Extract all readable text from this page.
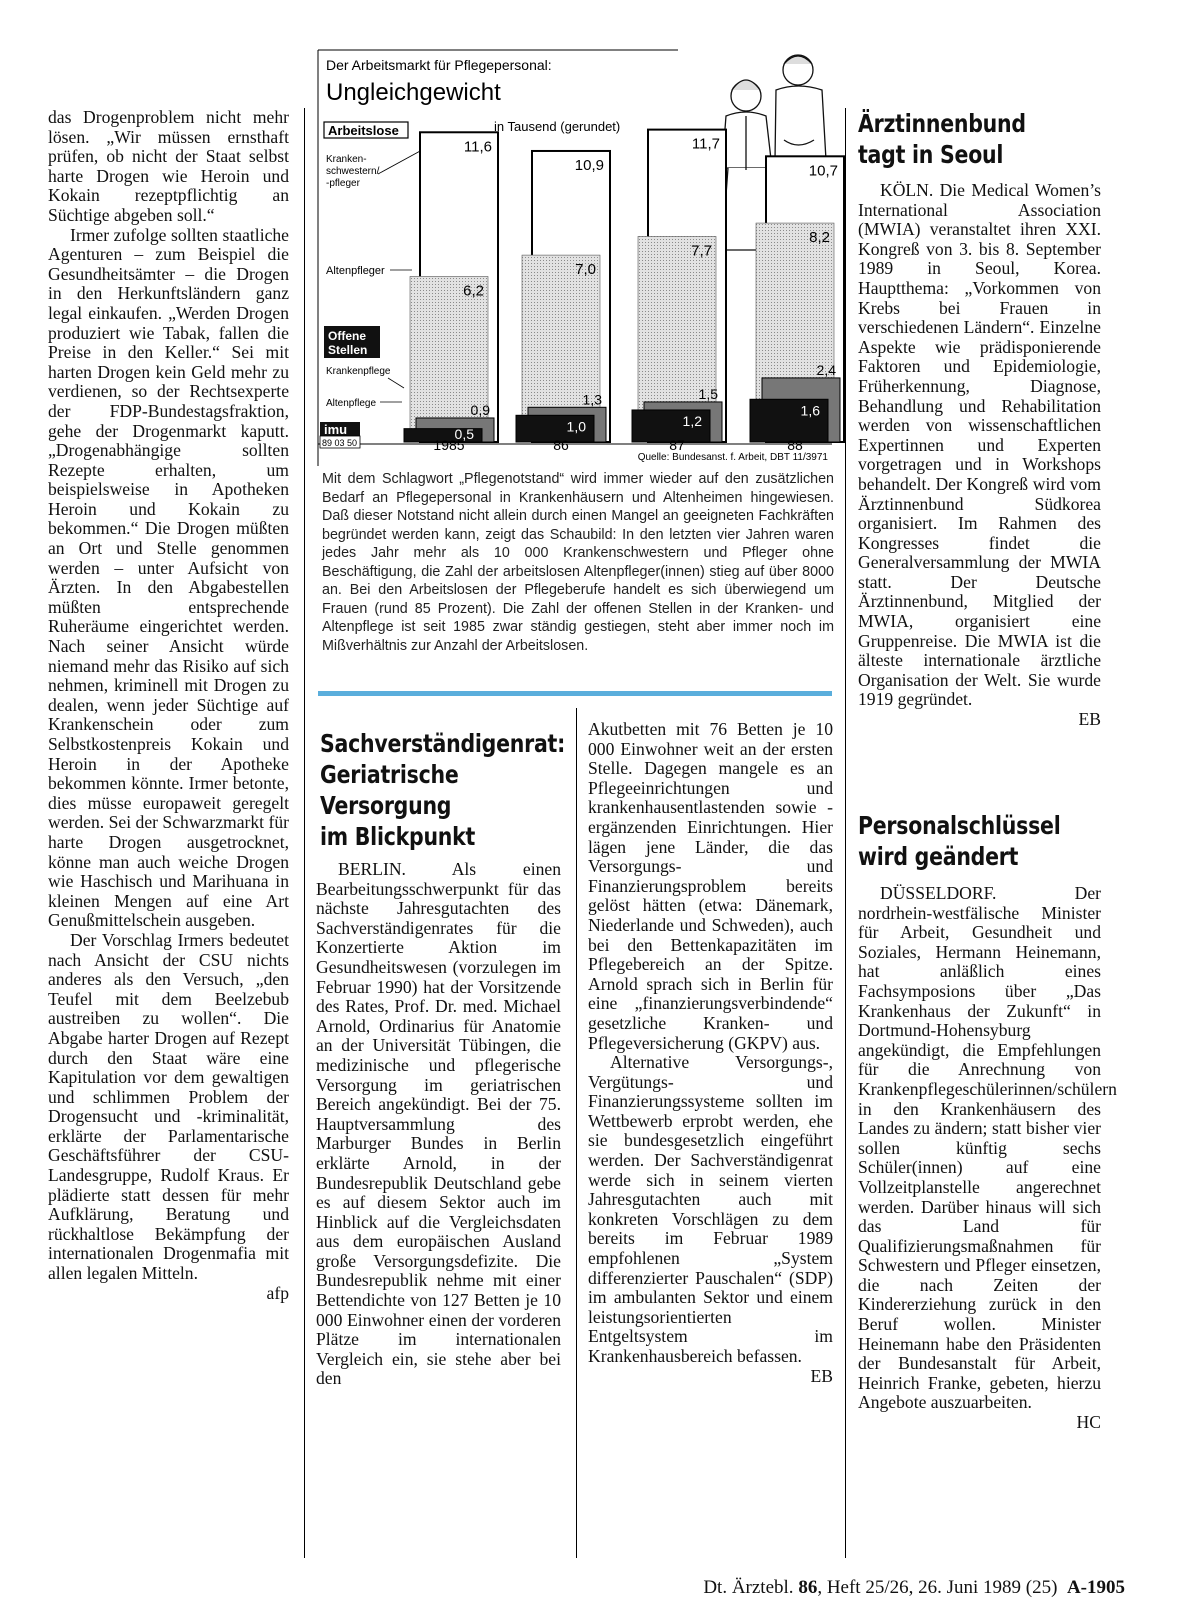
das Drogenproblem nicht mehr lösen. „Wir müssen ernsthaft prüfen, ob nicht der Staat selbst harte Drogen wie Heroin und Kokain rezeptpflichtig an Süchtige abgeben soll.“

Irmer zufolge sollten staatliche Agenturen – zum Beispiel die Gesundheitsämter – die Drogen in den Herkunftsländern ganz legal einkaufen. „Werden Drogen produziert wie Tabak, fallen die Preise in den Keller.“ Sei mit harten Drogen kein Geld mehr zu verdienen, so der Rechtsexperte der FDP-Bundestagsfraktion, gehe der Drogenmarkt kaputt. „Drogenabhängige sollten Rezepte erhalten, um beispielsweise in Apotheken Heroin und Kokain zu bekommen.“ Die Drogen müßten an Ort und Stelle genommen werden – unter Aufsicht von Ärzten. In den Abgabestellen müßten entsprechende Ruheräume eingerichtet werden. Nach seiner Ansicht würde niemand mehr das Risiko auf sich nehmen, kriminell mit Drogen zu dealen, wenn jeder Süchtige auf Krankenschein oder zum Selbstkostenpreis Kokain und Heroin in der Apotheke bekommen könnte. Irmer betonte, dies müsse europaweit geregelt werden. Sei der Schwarzmarkt für harte Drogen ausgetrocknet, könne man auch weiche Drogen wie Haschisch und Marihuana in kleinen Mengen auf eine Art Genußmittelschein ausgeben.

Der Vorschlag Irmers bedeutet nach Ansicht der CSU nichts anderes als den Versuch, „den Teufel mit dem Beelzebub austreiben zu wollen“. Die Abgabe harter Drogen auf Rezept durch den Staat wäre eine Kapitulation vor dem gewaltigen und schlimmen Problem der Drogensucht und -kriminalität, erklärte der Parlamentarische Geschäftsführer der CSU-Landesgruppe, Rudolf Kraus. Er plädierte statt dessen für mehr Aufklärung, Beratung und rückhaltlose Bekämpfung der internationalen Drogenmafia mit allen legalen Mitteln.

afp
Der Arbeitsmarkt für Pflegepersonal:
Ungleichgewicht
in Tausend (gerundet)
11,6
6,2
0,9
0,5
1985
10,9
7,0
1,3
1,0
86
11,7
7,7
1,5
1,2
87
10,7
8,2
2,4
1,6
88
Arbeitslose
Kranken-
schwestern/
-pfleger
Altenpfleger
Offene
Stellen
Krankenpflege
Altenpflege
imu
89 03 50
Quelle: Bundesanst. f. Arbeit, DBT 11/3971
Mit dem Schlagwort „Pflegenotstand“ wird immer wieder auf den zusätzlichen Bedarf an Pflegepersonal in Krankenhäusern und Altenheimen hingewiesen. Daß dieser Notstand nicht allein durch einen Mangel an geeigneten Fachkräften begründet werden kann, zeigt das Schaubild: In den letzten vier Jahren waren jedes Jahr mehr als 10 000 Krankenschwestern und Pfleger ohne Beschäftigung, die Zahl der arbeitslosen Altenpfleger(innen) stieg auf über 8000 an. Bei den Arbeitslosen der Pflegeberufe handelt es sich überwiegend um Frauen (rund 85 Prozent). Die Zahl der offenen Stellen in der Kranken- und Altenpflege ist seit 1985 zwar ständig gestiegen, steht aber immer noch im Mißverhältnis zur Anzahl der Arbeitslosen.
Sachverständigenrat:
Geriatrische
Versorgung
im Blickpunkt

BERLIN. Als einen Bearbeitungsschwerpunkt für das nächste Jahresgutachten des Sachverständigenrates für die Konzertierte Aktion im Gesundheitswesen (vorzulegen im Februar 1990) hat der Vorsitzende des Rates, Prof. Dr. med. Michael Arnold, Ordinarius für Anatomie an der Universität Tübingen, die medizinische und pflegerische Versorgung im geriatrischen Bereich angekündigt. Bei der 75. Hauptversammlung des Marburger Bundes in Berlin erklärte Arnold, in der Bundesrepublik Deutschland gebe es auf diesem Sektor auch im Hinblick auf die Vergleichsdaten aus dem europäischen Ausland große Versorgungsdefizite. Die Bundesrepublik nehme mit einer Bettendichte von 127 Betten je 10 000 Einwohner einen der vorderen Plätze im internationalen Vergleich ein, sie stehe aber bei den

Akutbetten mit 76 Betten je 10 000 Einwohner weit an der ersten Stelle. Dagegen mangele es an Pflegeeinrichtungen und krankenhausentlastenden sowie -ergänzenden Einrichtungen. Hier lägen jene Länder, die das Versorgungs- und Finanzierungsproblem bereits gelöst hätten (etwa: Dänemark, Niederlande und Schweden), auch bei den Bettenkapazitäten im Pflegebereich an der Spitze. Arnold sprach sich in Berlin für eine „finanzierungsverbindende“ gesetzliche Kranken- und Pflegeversicherung (GKPV) aus.

Alternative Versorgungs-, Vergütungs- und Finanzierungssysteme sollten im Wettbewerb erprobt werden, ehe sie bundesgesetzlich eingeführt werden. Der Sachverständigenrat werde sich in seinem vierten Jahresgutachten auch mit konkreten Vorschlägen zu dem bereits im Februar 1989 empfohlenen „System differenzierter Pauschalen“ (SDP) im ambulanten Sektor und einem leistungsorientierten Entgeltsystem im Krankenhausbereich befassen.

EB
Ärztinnenbund
tagt in Seoul

KÖLN. Die Medical Women’s International Association (MWIA) veranstaltet ihren XXI. Kongreß von 3. bis 8. September 1989 in Seoul, Korea. Hauptthema: „Vorkommen von Krebs bei Frauen in verschiedenen Ländern“. Einzelne Aspekte wie prädisponierende Faktoren und Epidemiologie, Früherkennung, Diagnose, Behandlung und Rehabilitation werden von wissenschaftlichen Expertinnen und Experten vorgetragen und in Workshops behandelt. Der Kongreß wird vom Ärztinnenbund Südkorea organisiert. Im Rahmen des Kongresses findet die Generalversammlung der MWIA statt. Der Deutsche Ärztinnenbund, Mitglied der MWIA, organisiert eine Gruppenreise. Die MWIA ist die älteste internationale ärztliche Organisation der Welt. Sie wurde 1919 gegründet.

EB
Personalschlüssel
wird geändert

DÜSSELDORF. Der nordrhein-westfälische Minister für Arbeit, Gesundheit und Soziales, Hermann Heinemann, hat anläßlich eines Fachsymposions über „Das Krankenhaus der Zukunft“ in Dortmund-Hohensyburg angekündigt, die Empfehlungen für die Anrechnung von Krankenpflegeschülerinnen/schülern in den Krankenhäusern des Landes zu ändern; statt bisher vier sollen künftig sechs Schüler(innen) auf eine Vollzeitplanstelle angerechnet werden. Darüber hinaus will sich das Land für Qualifizierungsmaßnahmen für Schwestern und Pfleger einsetzen, die nach Zeiten der Kindererziehung zurück in den Beruf wollen. Minister Heinemann habe den Präsidenten der Bundesanstalt für Arbeit, Heinrich Franke, gebeten, hierzu Angebote auszuarbeiten.

HC
Dt. Ärztebl. 86, Heft 25/26, 26. Juni 1989 (25) A-1905
